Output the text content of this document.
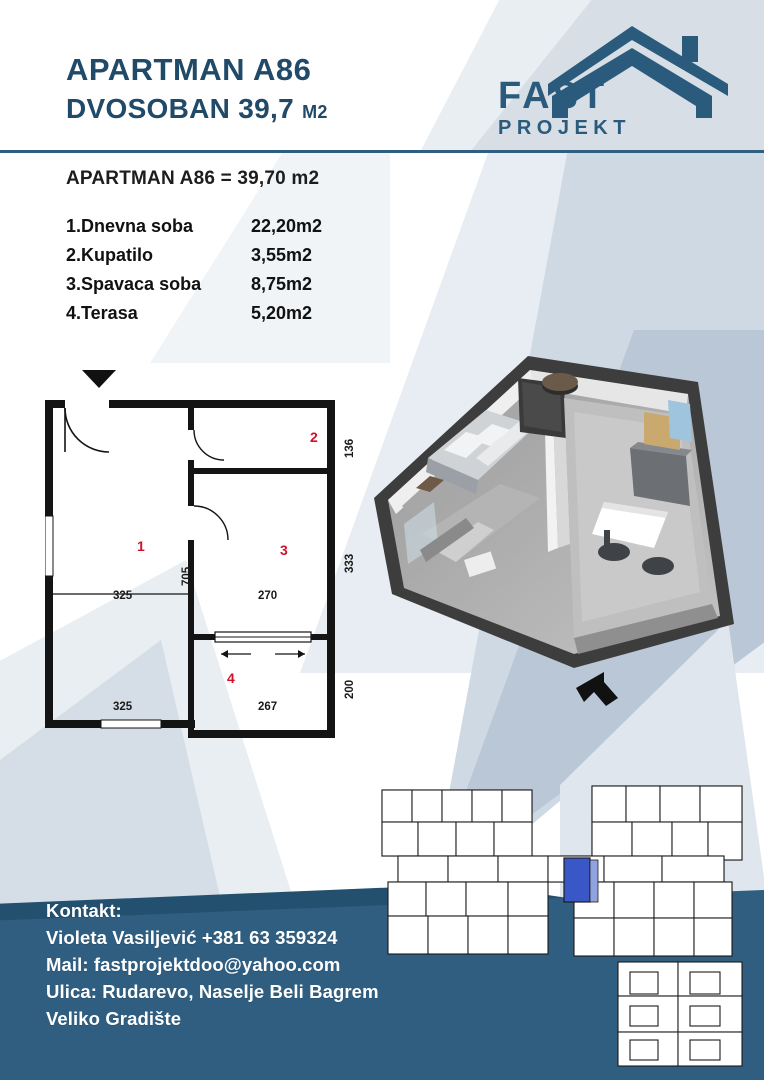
APARTMAN A86
DVOSOBAN 39,7 M2	FAST
PROJEKT
APARTMAN A86 = 39,70 m2
1.Dnevna soba	22,20m2
2.Kupatilo	3,55m2
3.Spavaca soba	8,75m2
4.Terasa	5,20m2
1
2
3
4
325
325
705
136
270
333
267
200
Kontakt:
Violeta Vasiljević +381 63 359324
Mail: fastprojektdoo@yahoo.com
Ulica: Rudarevo, Naselje Beli Bagrem
Veliko Gradište
